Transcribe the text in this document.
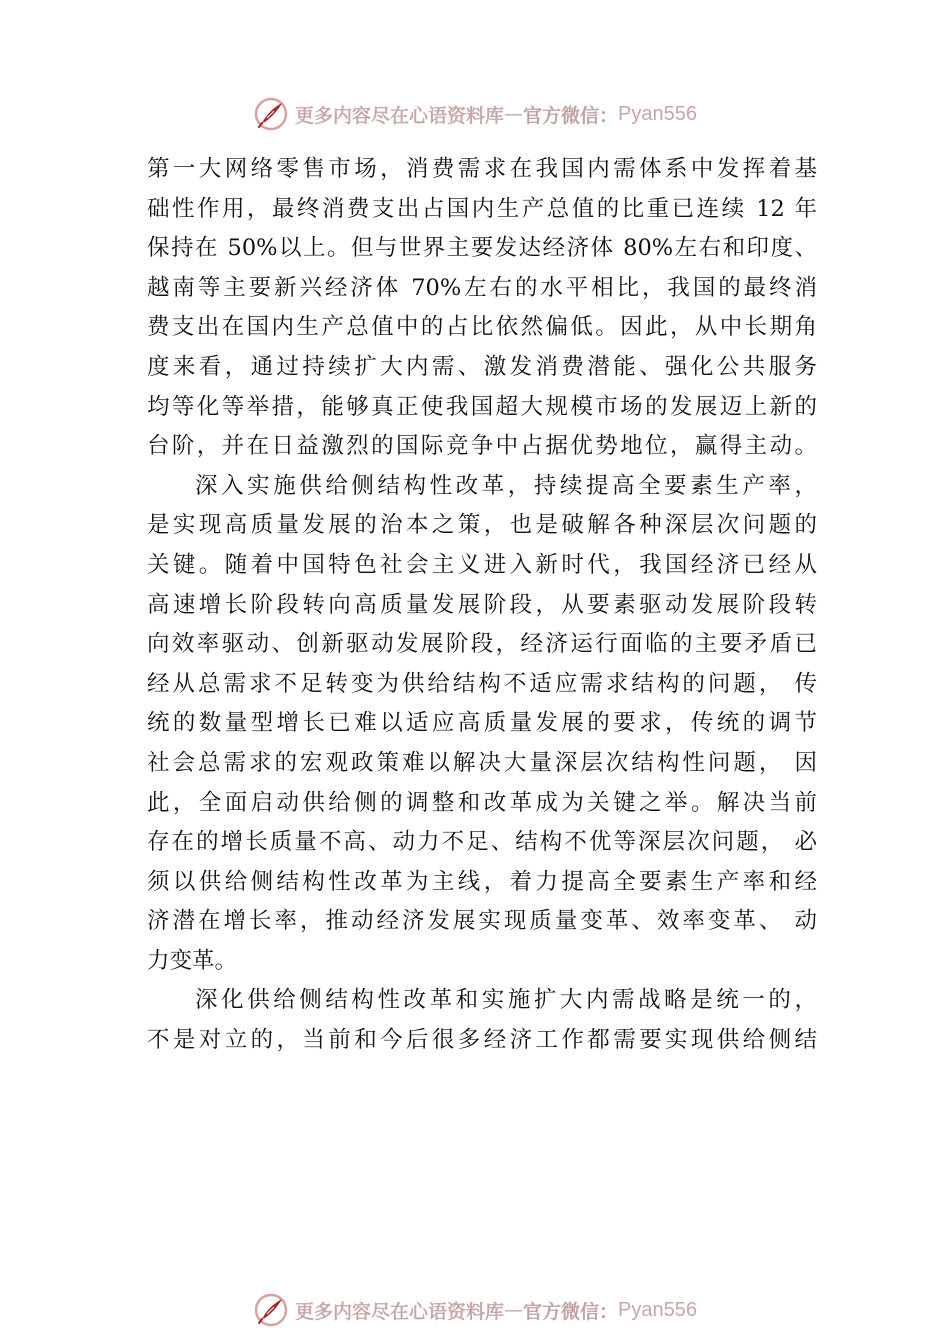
更多内容尽在心语资料库 — 官方微信： Pyan556
第一大网络零售市场，消费需求在我国内需体系中发挥着基
础性作用，最终消费支出占国内生产总值的比重已连续 12 年
保持在 50%以上。但与世界主要发达经济体 80%左右和印度、
越南等主要新兴经济体 70%左右的水平相比，我国的最终消
费支出在国内生产总值中的占比依然偏低。因此，从中长期角
度来看，通过持续扩大内需、激发消费潜能、强化公共服务
均等化等举措，能够真正使我国超大规模市场的发展迈上新的
台阶，并在日益激烈的国际竞争中占据优势地位，赢得主动。
深入实施供给侧结构性改革，持续提高全要素生产率，
是实现高质量发展的治本之策，也是破解各种深层次问题的
关键。随着中国特色社会主义进入新时代，我国经济已经从
高速增长阶段转向高质量发展阶段，从要素驱动发展阶段转
向效率驱动、创新驱动发展阶段，经济运行面临的主要矛盾已
经从总需求不足转变为供给结构不适应需求结构的问题， 传
统的数量型增长已难以适应高质量发展的要求，传统的调节
社会总需求的宏观政策难以解决大量深层次结构性问题， 因
此，全面启动供给侧的调整和改革成为关键之举。解决当前
存在的增长质量不高、动力不足、结构不优等深层次问题， 必
须以供给侧结构性改革为主线，着力提高全要素生产率和经
济潜在增长率，推动经济发展实现质量变革、效率变革、 动
力变革。
深化供给侧结构性改革和实施扩大内需战略是统一的，
不是对立的，当前和今后很多经济工作都需要实现供给侧结
更多内容尽在心语资料库 — 官方微信： Pyan556
